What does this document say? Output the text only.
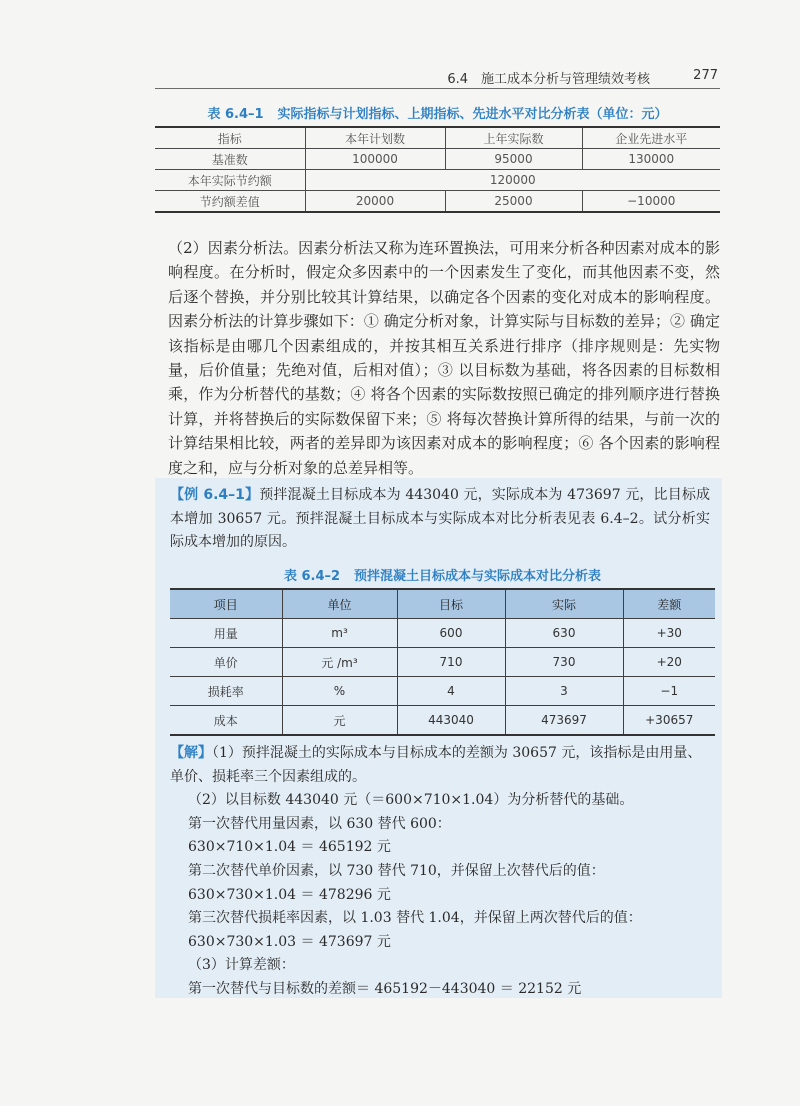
6.4　施工成本分析与管理绩效考核	277
表 6.4–1 实际指标与计划指标、上期指标、先进水平对比分析表（单位：元）
指标	本年计划数	上年实际数	企业先进水平
基准数	100000	95000	130000
本年实际节约额	120000		
节约额差值	20000	25000	−10000
（2）因素分析法。因素分析法又称为连环置换法，可用来分析各种因素对成本的影响程度。在分析时，假定众多因素中的一个因素发生了变化，而其他因素不变，然后逐个替换，并分别比较其计算结果，以确定各个因素的变化对成本的影响程度。因素分析法的计算步骤如下：① 确定分析对象，计算实际与目标数的差异；② 确定该指标是由哪几个因素组成的，并按其相互关系进行排序（排序规则是：先实物量，后价值量；先绝对值，后相对值）；③ 以目标数为基础，将各因素的目标数相乘，作为分析替代的基数；④ 将各个因素的实际数按照已确定的排列顺序进行替换计算，并将替换后的实际数保留下来；⑤ 将每次替换计算所得的结果，与前一次的计算结果相比较，两者的差异即为该因素对成本的影响程度；⑥ 各个因素的影响程度之和，应与分析对象的总差异相等。
【例 6.4–1】预拌混凝土目标成本为 443040 元，实际成本为 473697 元，比目标成本增加 30657 元。预拌混凝土目标成本与实际成本对比分析表见表 6.4–2。试分析实际成本增加的原因。
表 6.4–2 预拌混凝土目标成本与实际成本对比分析表
项目	单位	目标	实际	差额
用量	m³	600	630	+30
单价	元 /m³	710	730	+20
损耗率	%	4	3	−1
成本	元	443040	473697	+30657

【解】（1）预拌混凝土的实际成本与目标成本的差额为 30657 元，该指标是由用量、单价、损耗率三个因素组成的。

（2）以目标数 443040 元（＝600×710×1.04）为分析替代的基础。

第一次替代用量因素，以 630 替代 600：

630×710×1.04 ＝ 465192 元

第二次替代单价因素，以 730 替代 710，并保留上次替代后的值：

630×730×1.04 ＝ 478296 元

第三次替代损耗率因素，以 1.03 替代 1.04，并保留上两次替代后的值：

630×730×1.03 ＝ 473697 元

（3）计算差额：

第一次替代与目标数的差额＝ 465192－443040 ＝ 22152 元
